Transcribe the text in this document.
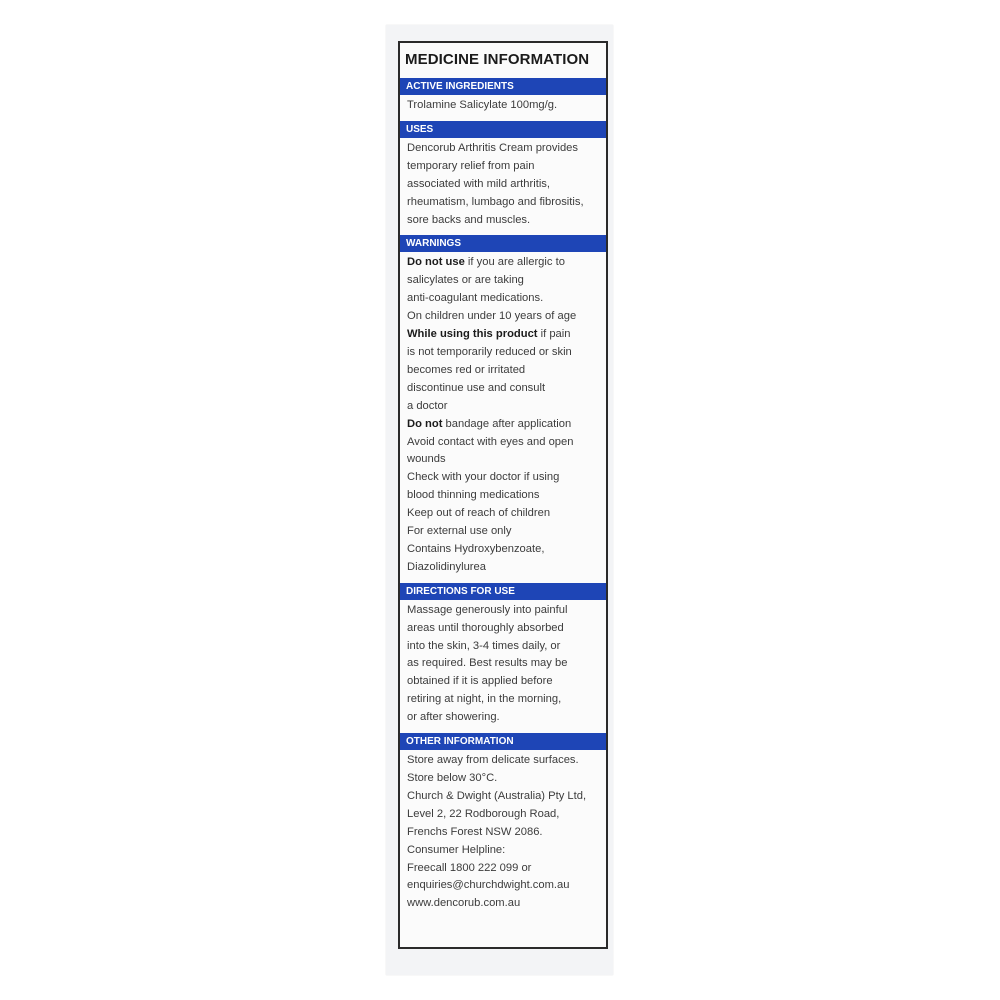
MEDICINE INFORMATION
ACTIVE INGREDIENTS
Trolamine Salicylate 100mg/g.
USES
Dencorub Arthritis Cream provides
temporary relief from pain
associated with mild arthritis,
rheumatism, lumbago and fibrositis,
sore backs and muscles.
WARNINGS
Do not use if you are allergic to
salicylates or are taking
anti-coagulant medications.
On children under 10 years of age
While using this product if pain
is not temporarily reduced or skin
becomes red or irritated
discontinue use and consult
a doctor
Do not bandage after application
Avoid contact with eyes and open
wounds
Check with your doctor if using
blood thinning medications
Keep out of reach of children
For external use only
Contains Hydroxybenzoate,
Diazolidinylurea
DIRECTIONS FOR USE
Massage generously into painful
areas until thoroughly absorbed
into the skin, 3-4 times daily, or
as required. Best results may be
obtained if it is applied before
retiring at night, in the morning,
or after showering.
OTHER INFORMATION
Store away from delicate surfaces.
Store below 30°C.
Church & Dwight (Australia) Pty Ltd,
Level 2, 22 Rodborough Road,
Frenchs Forest NSW 2086.
Consumer Helpline:
Freecall 1800 222 099 or
enquiries@churchdwight.com.au
www.dencorub.com.au
